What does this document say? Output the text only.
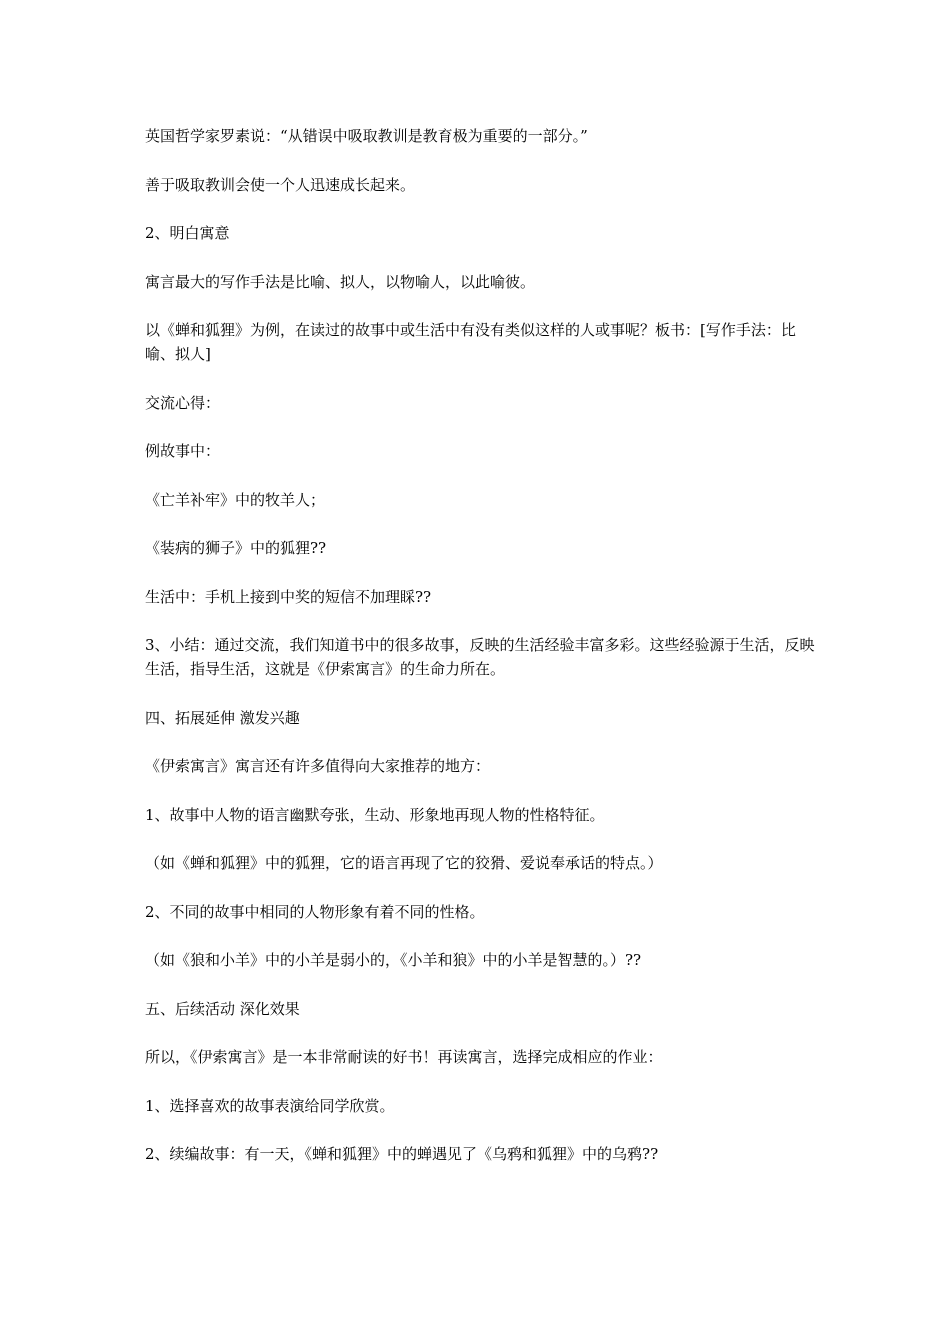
英国哲学家罗素说：“从错误中吸取教训是教育极为重要的一部分。”

善于吸取教训会使一个人迅速成长起来。

2、明白寓意

寓言最大的写作手法是比喻、拟人，以物喻人，以此喻彼。

以《蝉和狐狸》为例，在读过的故事中或生活中有没有类似这样的人或事呢？板书：[写作手法：比喻、拟人]

交流心得：

例故事中：

《亡羊补牢》中的牧羊人；

《装病的狮子》中的狐狸??

生活中：手机上接到中奖的短信不加理睬??

3、小结：通过交流，我们知道书中的很多故事，反映的生活经验丰富多彩。这些经验源于生活，反映生活，指导生活，这就是《伊索寓言》的生命力所在。

四、拓展延伸 激发兴趣

《伊索寓言》寓言还有许多值得向大家推荐的地方：

1、故事中人物的语言幽默夸张，生动、形象地再现人物的性格特征。

（如《蝉和狐狸》中的狐狸，它的语言再现了它的狡猾、爱说奉承话的特点。）

2、不同的故事中相同的人物形象有着不同的性格。

（如《狼和小羊》中的小羊是弱小的，《小羊和狼》中的小羊是智慧的。）??

五、后续活动 深化效果

所以，《伊索寓言》是一本非常耐读的好书！再读寓言，选择完成相应的作业：

1、选择喜欢的故事表演给同学欣赏。

2、续编故事：有一天，《蝉和狐狸》中的蝉遇见了《乌鸦和狐狸》中的乌鸦??
